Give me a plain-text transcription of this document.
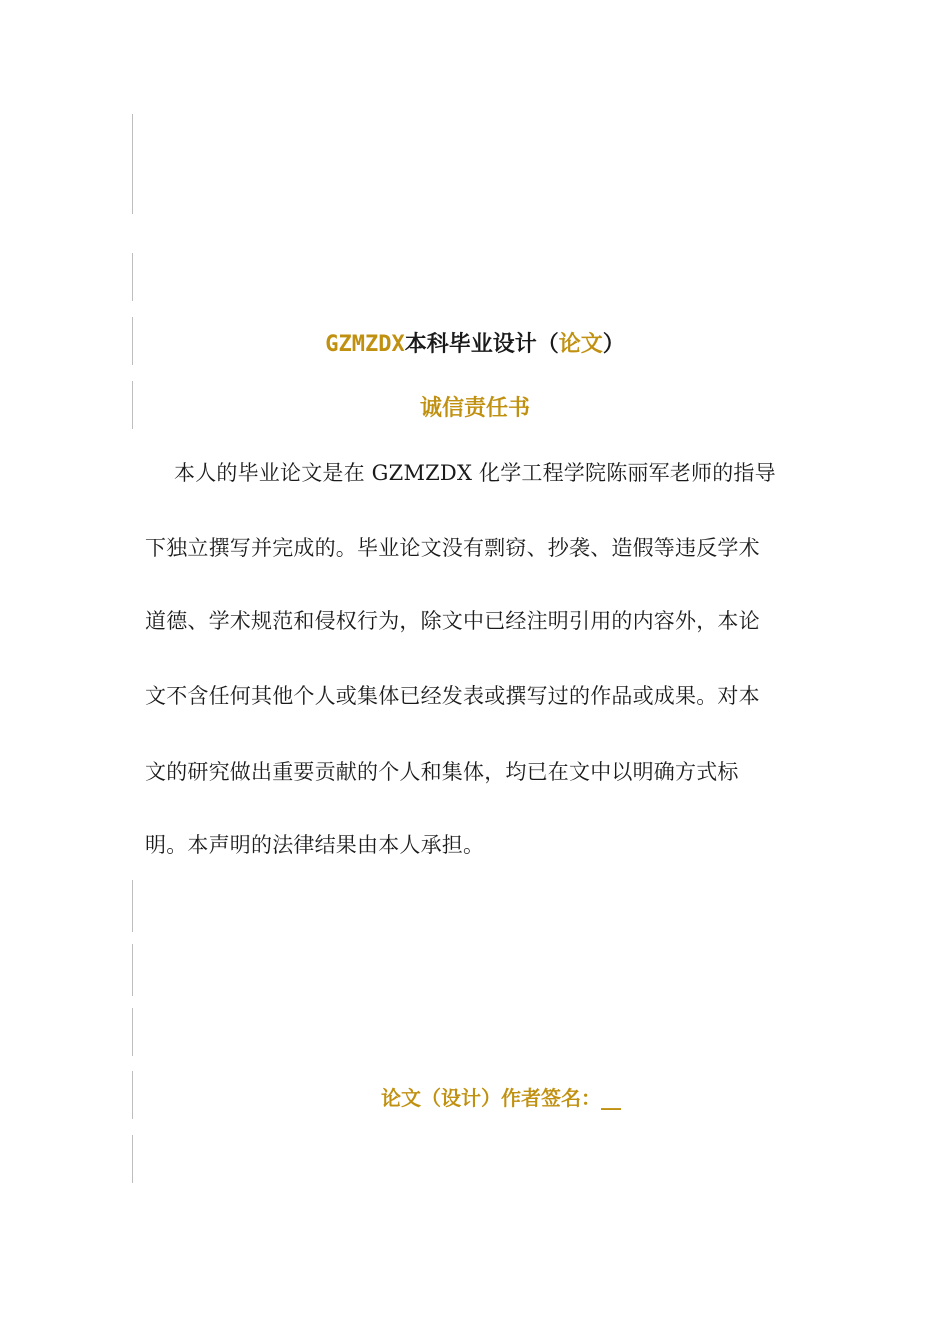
GZMZDX本科毕业设计（论文）
诚信责任书
本人的毕业论文是在 GZMZDX 化学工程学院陈丽军老师的指导
下独立撰写并完成的。毕业论文没有剽窃、抄袭、造假等违反学术
道德、学术规范和侵权行为，除文中已经注明引用的内容外，本论
文不含任何其他个人或集体已经发表或撰写过的作品或成果。对本
文的研究做出重要贡献的个人和集体，均已在文中以明确方式标
明。本声明的法律结果由本人承担。
论文（设计）作者签名：__
